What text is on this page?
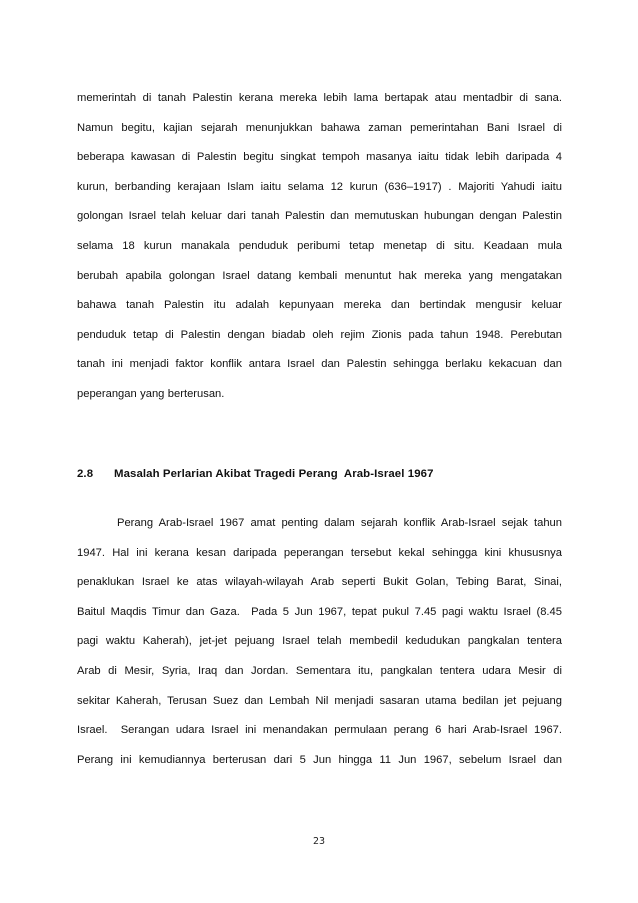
memerintah di tanah Palestin kerana mereka lebih lama bertapak atau mentadbir di sana.
Namun begitu, kajian sejarah menunjukkan bahawa zaman pemerintahan Bani Israel di
beberapa kawasan di Palestin begitu singkat tempoh masanya iaitu tidak lebih daripada 4
kurun, berbanding kerajaan Islam iaitu selama 12 kurun (636–1917) . Majoriti Yahudi iaitu
golongan Israel telah keluar dari tanah Palestin dan memutuskan hubungan dengan Palestin
selama 18 kurun manakala penduduk peribumi tetap menetap di situ. Keadaan mula
berubah apabila golongan Israel datang kembali menuntut hak mereka yang mengatakan
bahawa tanah Palestin itu adalah kepunyaan mereka dan bertindak mengusir keluar
penduduk tetap di Palestin dengan biadab oleh rejim Zionis pada tahun 1948. Perebutan
tanah ini menjadi faktor konflik antara Israel dan Palestin sehingga berlaku kekacuan dan
peperangan yang berterusan.

2.8 Masalah Perlarian Akibat Tragedi Perang  Arab-Israel 1967

Perang Arab-Israel 1967 amat penting dalam sejarah konflik Arab-Israel sejak tahun
1947. Hal ini kerana kesan daripada peperangan tersebut kekal sehingga kini khususnya
penaklukan Israel ke atas wilayah-wilayah Arab seperti Bukit Golan, Tebing Barat, Sinai,
Baitul Maqdis Timur dan Gaza.  Pada 5 Jun 1967, tepat pukul 7.45 pagi waktu Israel (8.45
pagi waktu Kaherah), jet-jet pejuang Israel telah membedil kedudukan pangkalan tentera
Arab di Mesir, Syria, Iraq dan Jordan. Sementara itu, pangkalan tentera udara Mesir di
sekitar Kaherah, Terusan Suez dan Lembah Nil menjadi sasaran utama bedilan jet pejuang
Israel.  Serangan udara Israel ini menandakan permulaan perang 6 hari Arab-Israel 1967.
Perang ini kemudiannya berterusan dari 5 Jun hingga 11 Jun 1967, sebelum Israel dan

23
